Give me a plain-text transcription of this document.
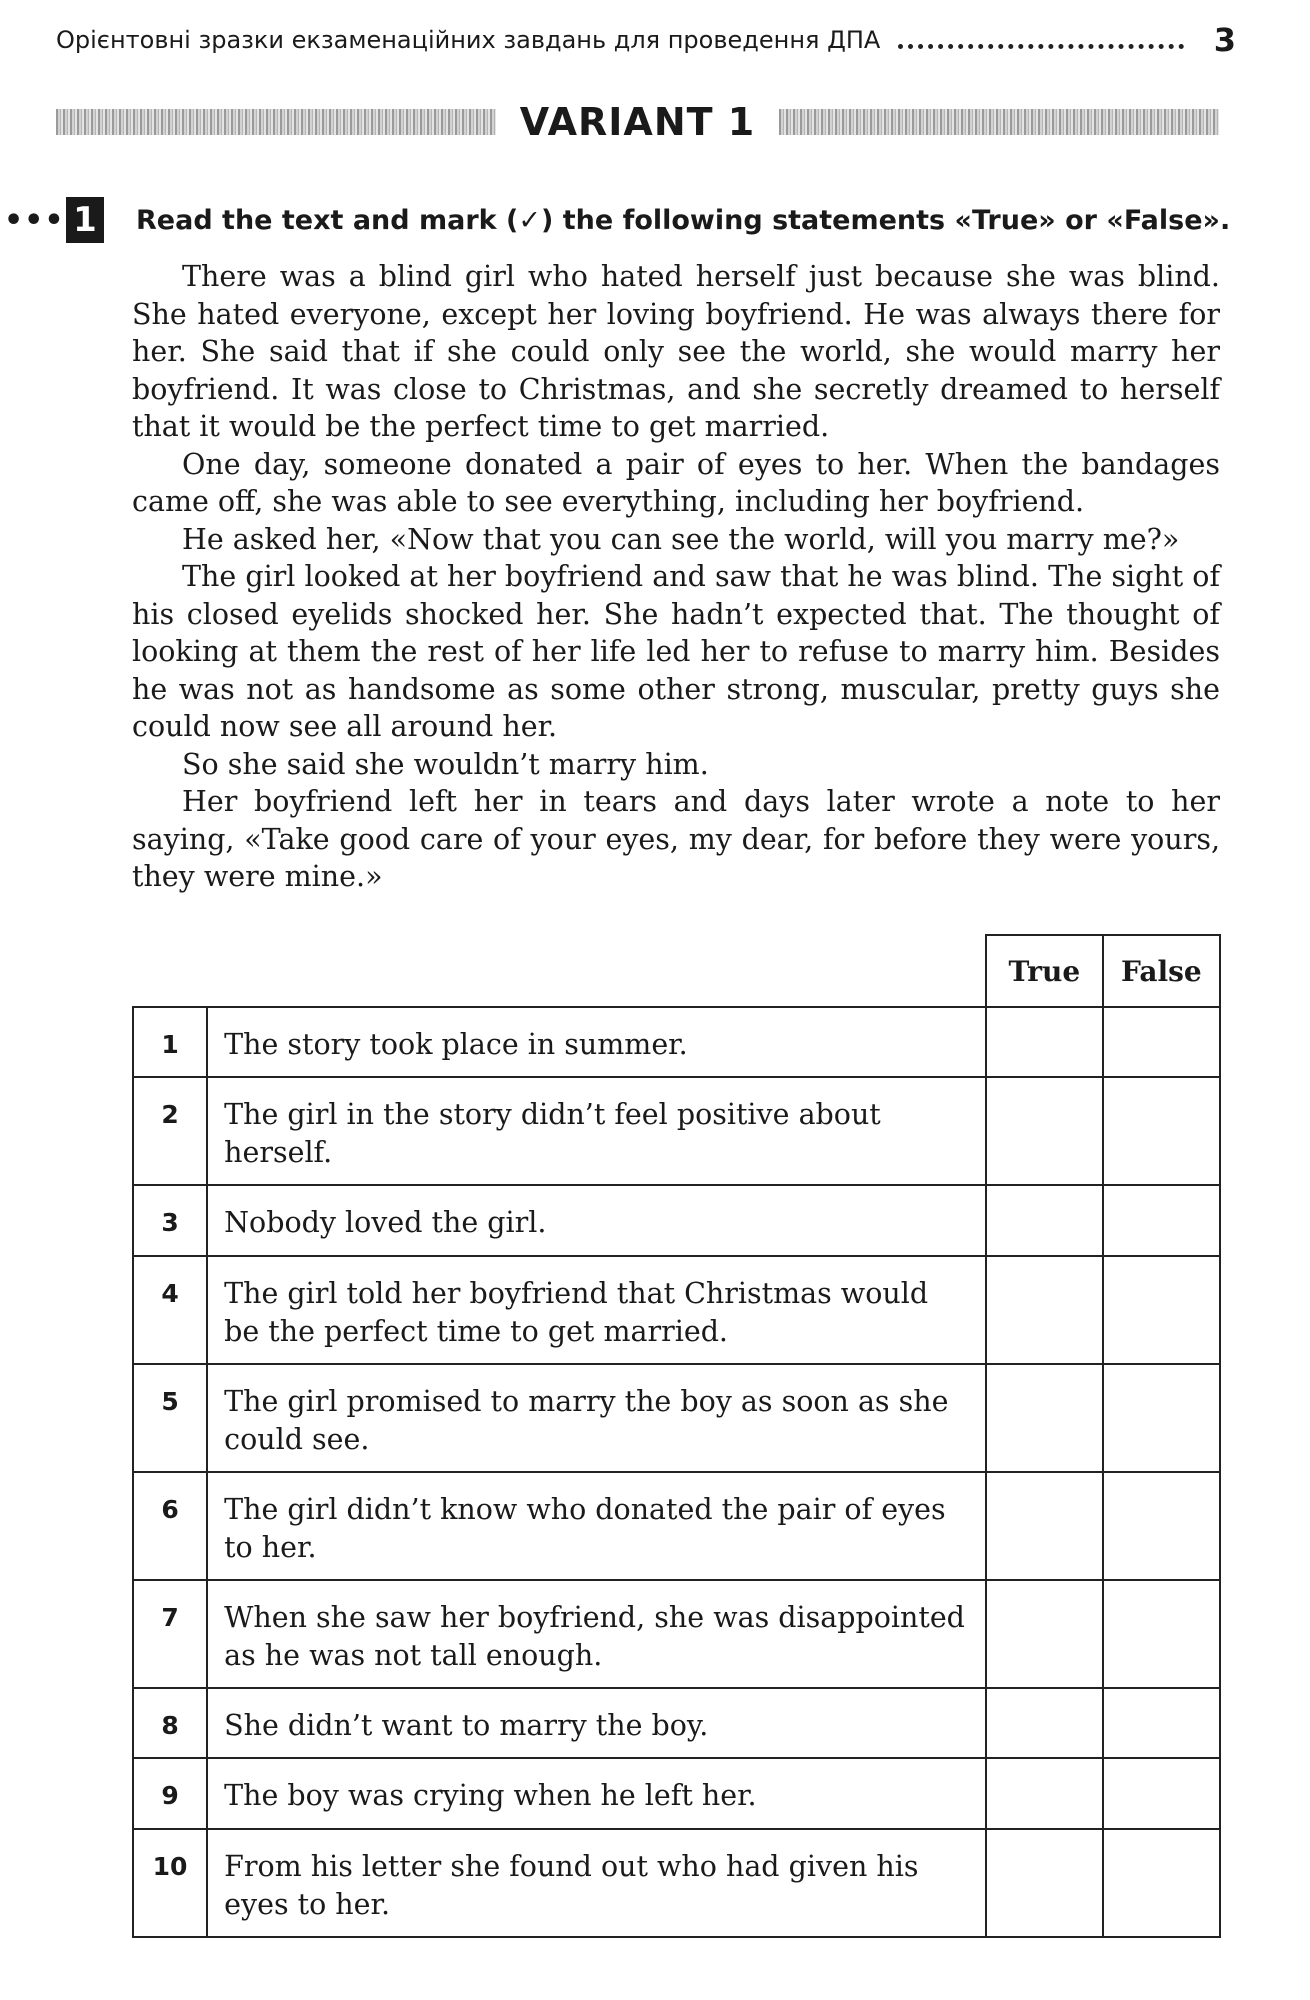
Орієнтовні зразки екзаменаційних завдань для проведення ДПА	3
VARIANT 1
••• 1 Read the text and mark (✓) the following statements «True» or «False».

There was a blind girl who hated herself just because she was blind. She hated everyone, except her loving boyfriend. He was always there for her. She said that if she could only see the world, she would marry her boyfriend. It was close to Christmas, and she secretly dreamed to herself that it would be the perfect time to get married.

One day, someone donated a pair of eyes to her. When the bandages came off, she was able to see everything, including her boyfriend.

He asked her, «Now that you can see the world, will you marry me?»

The girl looked at her boyfriend and saw that he was blind. The sight of his closed eyelids shocked her. She hadn’t expected that. The thought of looking at them the rest of her life led her to refuse to marry him. Besides he was not as handsome as some other strong, muscular, pretty guys she could now see all around her.

So she said she wouldn’t marry him.

Her boyfriend left her in tears and days later wrote a note to her saying, «Take good care of your eyes, my dear, for before they were yours, they were mine.»

		True	False
1	The story took place in summer.		
2	The girl in the story didn’t feel positive about herself.		
3	Nobody loved the girl.		
4	The girl told her boyfriend that Christmas would be the perfect time to get married.		
5	The girl promised to marry the boy as soon as she could see.		
6	The girl didn’t know who donated the pair of eyes to her.		
7	When she saw her boyfriend, she was disappointed as he was not tall enough.		
8	She didn’t want to marry the boy.		
9	The boy was crying when he left her.		
10	From his letter she found out who had given his eyes to her.		
